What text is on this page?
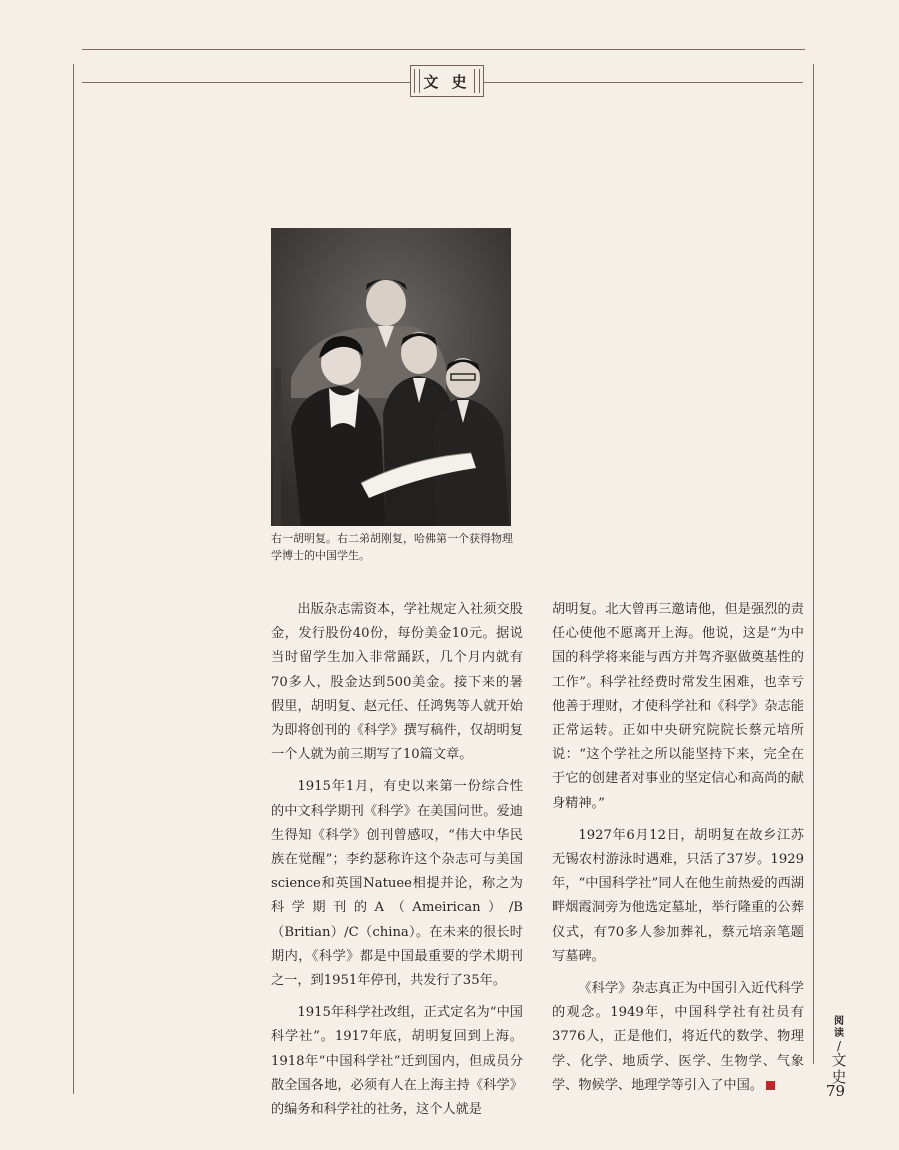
文 史
右一胡明复。右二弟胡刚复，哈佛第一个获得物理学博士的中国学生。

出版杂志需资本，学社规定入社须交股金，发行股份40份，每份美金10元。据说当时留学生加入非常踊跃，几个月内就有70多人，股金达到500美金。接下来的暑假里，胡明复、赵元任、任鸿隽等人就开始为即将创刊的《科学》撰写稿件，仅胡明复一个人就为前三期写了10篇文章。

1915年1月，有史以来第一份综合性的中文科学期刊《科学》在美国问世。爱迪生得知《科学》创刊曾感叹，“伟大中华民族在觉醒”；李约瑟称许这个杂志可与美国science和英国Natuee相提并论，称之为科学期刊的A（Ameirican）/B（Britian）/C（china）。在未来的很长时期内，《科学》都是中国最重要的学术期刊之一，到1951年停刊，共发行了35年。

1915年科学社改组，正式定名为“中国科学社”。1917年底，胡明复回到上海。1918年“中国科学社”迁到国内，但成员分散全国各地，必须有人在上海主持《科学》的编务和科学社的社务，这个人就是

胡明复。北大曾再三邀请他，但是强烈的责任心使他不愿离开上海。他说，这是“为中国的科学将来能与西方并驾齐驱做奠基性的工作”。科学社经费时常发生困难，也幸亏他善于理财，才使科学社和《科学》杂志能正常运转。正如中央研究院院长蔡元培所说：“这个学社之所以能坚持下来，完全在于它的创建者对事业的坚定信心和高尚的献身精神。”

1927年6月12日，胡明复在故乡江苏无锡农村游泳时遇难，只活了37岁。1929年，“中国科学社”同人在他生前热爱的西湖畔烟霞洞旁为他选定墓址，举行隆重的公葬仪式，有70多人参加葬礼，蔡元培亲笔题写墓碑。

《科学》杂志真正为中国引入近代科学的观念。1949年，中国科学社有社员有3776人，正是他们，将近代的数学、物理学、化学、地质学、医学、生物学、气象学、物候学、地理学等引入了中国。

阅读
/
文史
79
